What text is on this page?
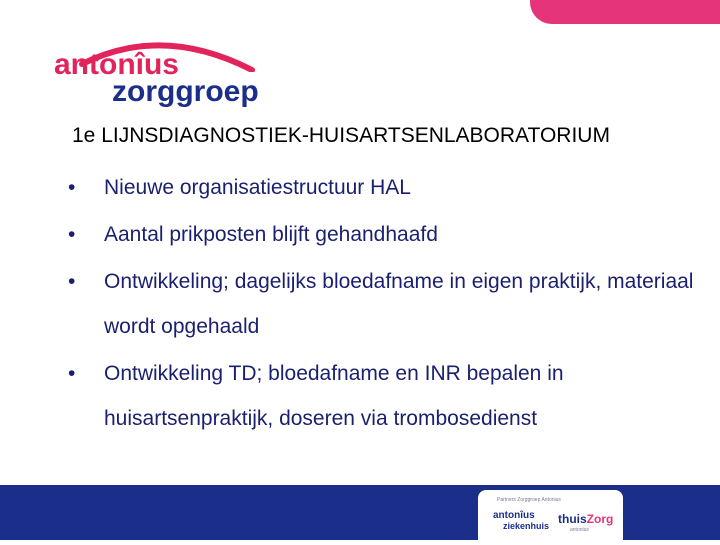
antonîus
zorggroep
1e LIJNSDIAGNOSTIEK-HUISARTSENLABORATORIUM
• Nieuwe organisatiestructuur HAL
• Aantal prikposten blijft gehandhaafd
• Ontwikkeling; dagelijks bloedafname in eigen praktijk, materiaal wordt opgehaald
• Ontwikkeling TD; bloedafname en INR bepalen in huisartsenpraktijk, doseren via trombosedienst
Partners Zorggroep Antonius
antonîus
ziekenhuis thuisZorg
antonius
